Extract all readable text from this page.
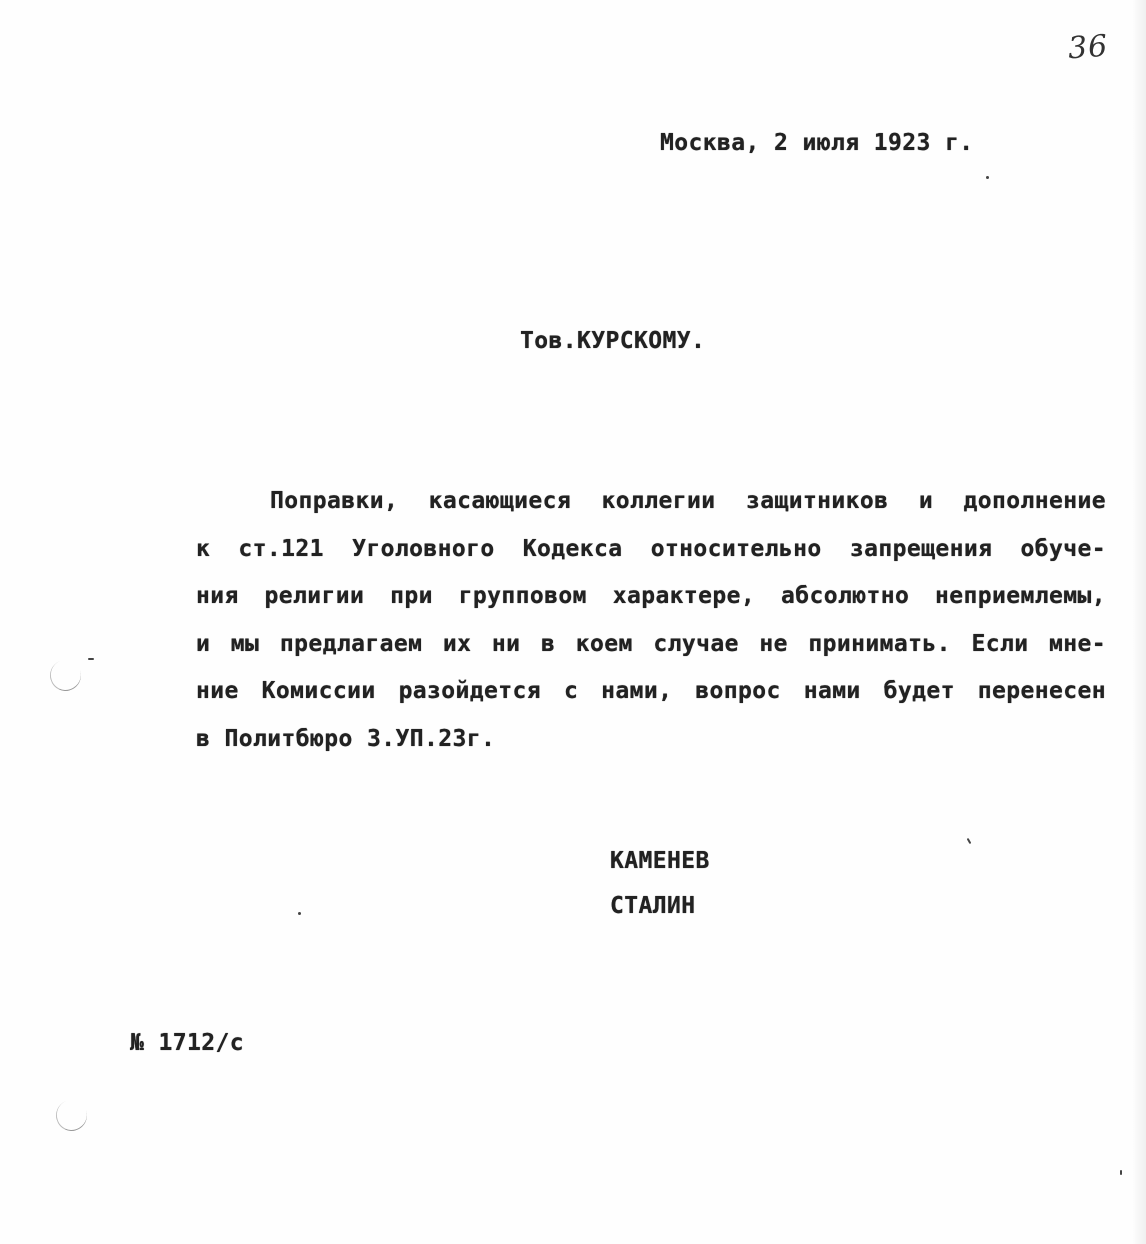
36
Москва, 2 июля 1923 г.
Тов.КУРСКОМУ.
Поправки, касающиеся коллегии защитников и дополнение
к ст.121 Уголовного Кодекса относительно запрещения обуче-
ния религии при групповом характере, абсолютно неприемлемы,
и мы предлагаем их ни в коем случае не принимать. Если мне-
ние Комиссии разойдется с нами, вопрос нами будет перенесен
в Политбюро 3.УП.23г.
КАМЕНЕВ
СТАЛИН
№ 1712/с
